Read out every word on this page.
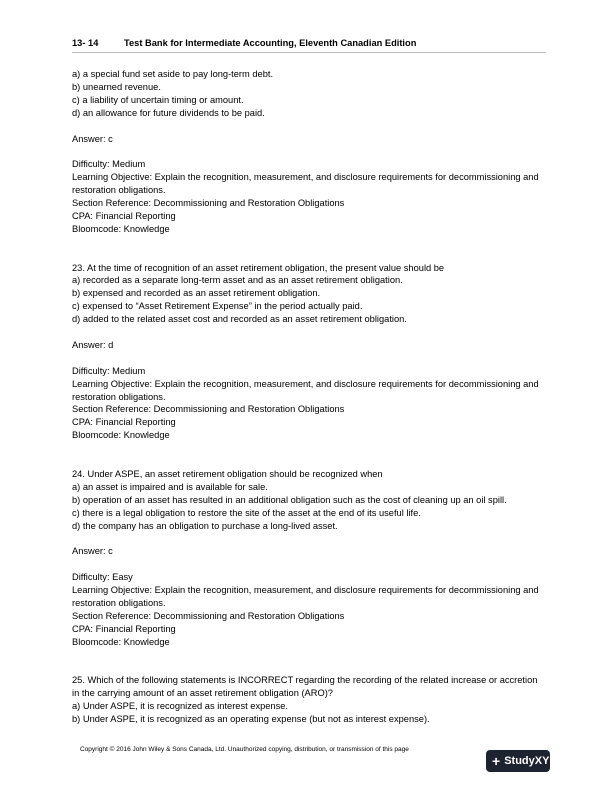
13- 14	Test Bank for Intermediate Accounting, Eleventh Canadian Edition
a) a special fund set aside to pay long-term debt.
b) unearned revenue.
c) a liability of uncertain timing or amount.
d) an allowance for future dividends to be paid.
Answer: c
Difficulty: Medium
Learning Objective: Explain the recognition, measurement, and disclosure requirements for decommissioning and restoration obligations.
Section Reference: Decommissioning and Restoration Obligations
CPA: Financial Reporting
Bloomcode: Knowledge
23. At the time of recognition of an asset retirement obligation, the present value should be
a) recorded as a separate long-term asset and as an asset retirement obligation.
b) expensed and recorded as an asset retirement obligation.
c) expensed to “Asset Retirement Expense” in the period actually paid.
d) added to the related asset cost and recorded as an asset retirement obligation.
Answer: d
Difficulty: Medium
Learning Objective: Explain the recognition, measurement, and disclosure requirements for decommissioning and restoration obligations.
Section Reference: Decommissioning and Restoration Obligations
CPA: Financial Reporting
Bloomcode: Knowledge
24. Under ASPE, an asset retirement obligation should be recognized when
a) an asset is impaired and is available for sale.
b) operation of an asset has resulted in an additional obligation such as the cost of cleaning up an oil spill.
c) there is a legal obligation to restore the site of the asset at the end of its useful life.
d) the company has an obligation to purchase a long-lived asset.
Answer: c
Difficulty: Easy
Learning Objective: Explain the recognition, measurement, and disclosure requirements for decommissioning and restoration obligations.
Section Reference: Decommissioning and Restoration Obligations
CPA: Financial Reporting
Bloomcode: Knowledge
25. Which of the following statements is INCORRECT regarding the recording of the related increase or accretion in the carrying amount of an asset retirement obligation (ARO)?
a) Under ASPE, it is recognized as interest expense.
b) Under ASPE, it is recognized as an operating expense (but not as interest expense).
Copyright © 2016 John Wiley & Sons Canada, Ltd. Unauthorized copying, distribution, or transmission of this page
+ StudyXY
